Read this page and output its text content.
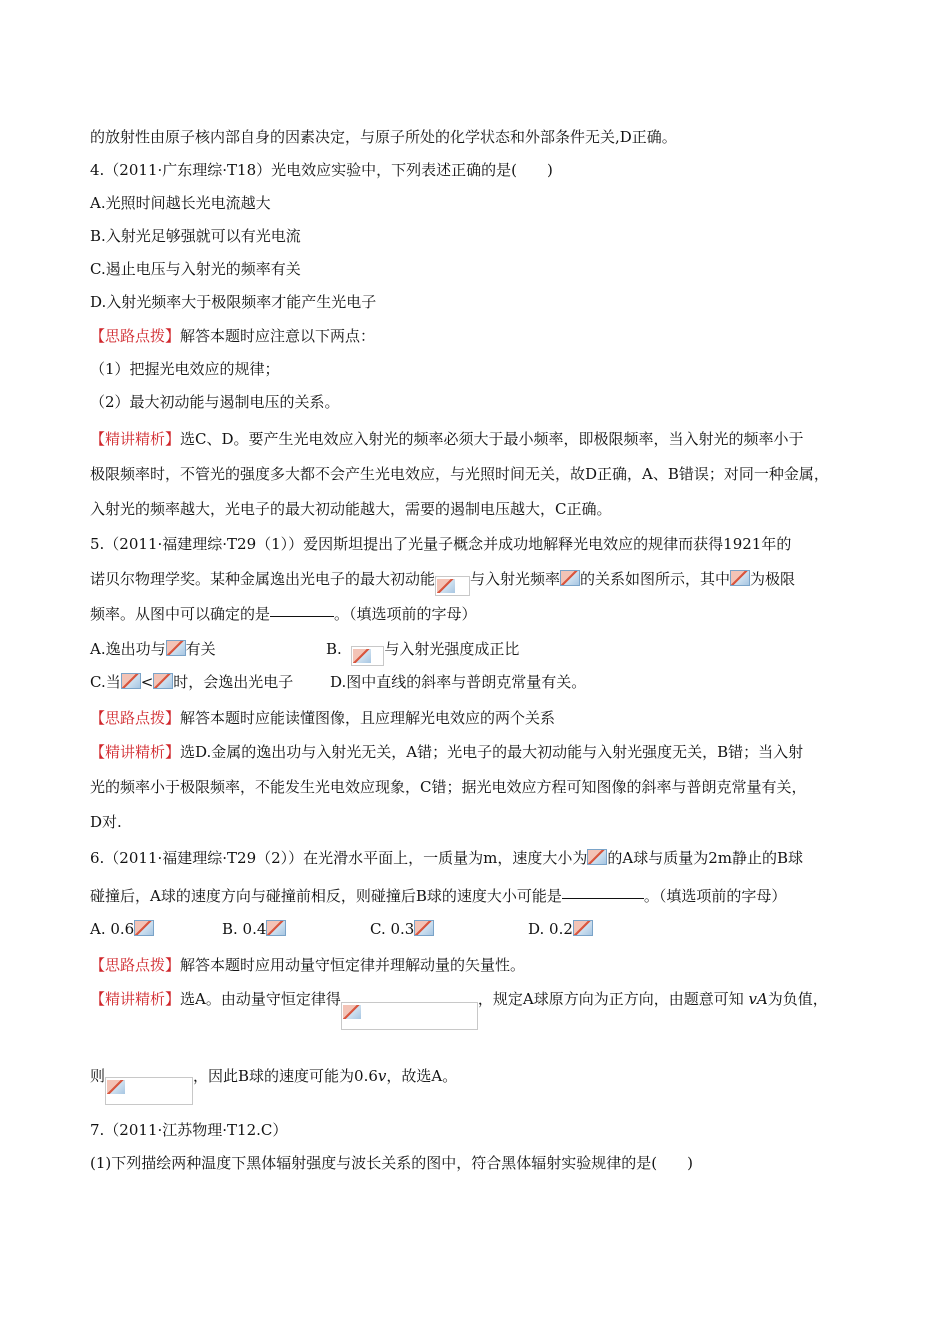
的放射性由原子核内部自身的因素决定，与原子所处的化学状态和外部条件无关,D正确。
4.（2011·广东理综·T18）光电效应实验中，下列表述正确的是(　　)
A.光照时间越长光电流越大
B.入射光足够强就可以有光电流
C.遏止电压与入射光的频率有关
D.入射光频率大于极限频率才能产生光电子
【思路点拨】解答本题时应注意以下两点：
（1）把握光电效应的规律；
（2）最大初动能与遏制电压的关系。
【精讲精析】选C、D。要产生光电效应入射光的频率必须大于最小频率，即极限频率，当入射光的频率小于
极限频率时，不管光的强度多大都不会产生光电效应，与光照时间无关，故D正确，A、B错误；对同一种金属，
入射光的频率越大，光电子的最大初动能越大，需要的遏制电压越大，C正确。
5.（2011·福建理综·T29（1））爱因斯坦提出了光量子概念并成功地解释光电效应的规律而获得1921年的
诺贝尔物理学奖。某种金属逸出光电子的最大初动能 与入射光频率 的关系如图所示，其中 为极限
频率。从图中可以确定的是	。（填选项前的字母）
A.逸出功与 有关	B.	与入射光强度成正比
C.当 < 时，会逸出光电子 D.图中直线的斜率与普朗克常量有关。
【思路点拨】解答本题时应能读懂图像，且应理解光电效应的两个关系
【精讲精析】选D.金属的逸出功与入射光无关，A错；光电子的最大初动能与入射光强度无关，B错；当入射
光的频率小于极限频率，不能发生光电效应现象，C错；据光电效应方程可知图像的斜率与普朗克常量有关，
D对.
6.（2011·福建理综·T29（2））在光滑水平面上，一质量为m，速度大小为 的A球与质量为2m静止的B球
碰撞后，A球的速度方向与碰撞前相反，则碰撞后B球的速度大小可能是	。（填选项前的字母）
A. 0.6	B. 0.4	C. 0.3	D. 0.2
【思路点拨】解答本题时应用动量守恒定律并理解动量的矢量性。
【精讲精析】选A。由动量守恒定律得	，规定A球原方向为正方向，由题意可知 vA为负值，
则	，因此B球的速度可能为0.6v，故选A。
7.（2011·江苏物理·T12.C）
(1)下列描绘两种温度下黑体辐射强度与波长关系的图中，符合黑体辐射实验规律的是(　　)
